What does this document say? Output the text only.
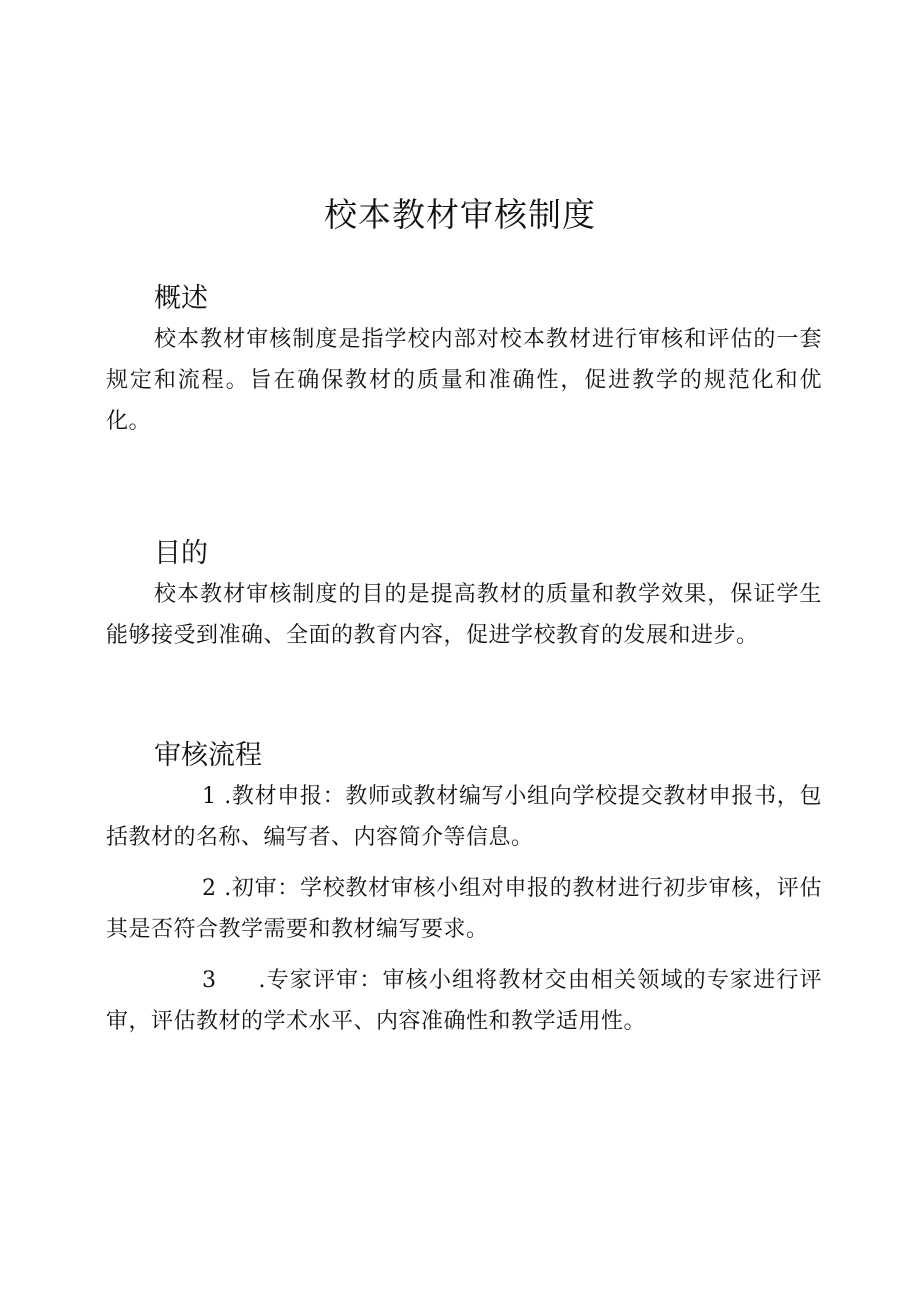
校本教材审核制度
概述

校本教材审核制度是指学校内部对校本教材进行审核和评估的一套规定和流程。旨在确保教材的质量和准确性，促进教学的规范化和优化。

目的

校本教材审核制度的目的是提高教材的质量和教学效果，保证学生能够接受到准确、全面的教育内容，促进学校教育的发展和进步。

审核流程

1 .教材申报：教师或教材编写小组向学校提交教材申报书，包括教材的名称、编写者、内容简介等信息。

2 .初审：学校教材审核小组对申报的教材进行初步审核，评估其是否符合教学需要和教材编写要求。

3 .专家评审：审核小组将教材交由相关领域的专家进行评审，评估教材的学术水平、内容准确性和教学适用性。
